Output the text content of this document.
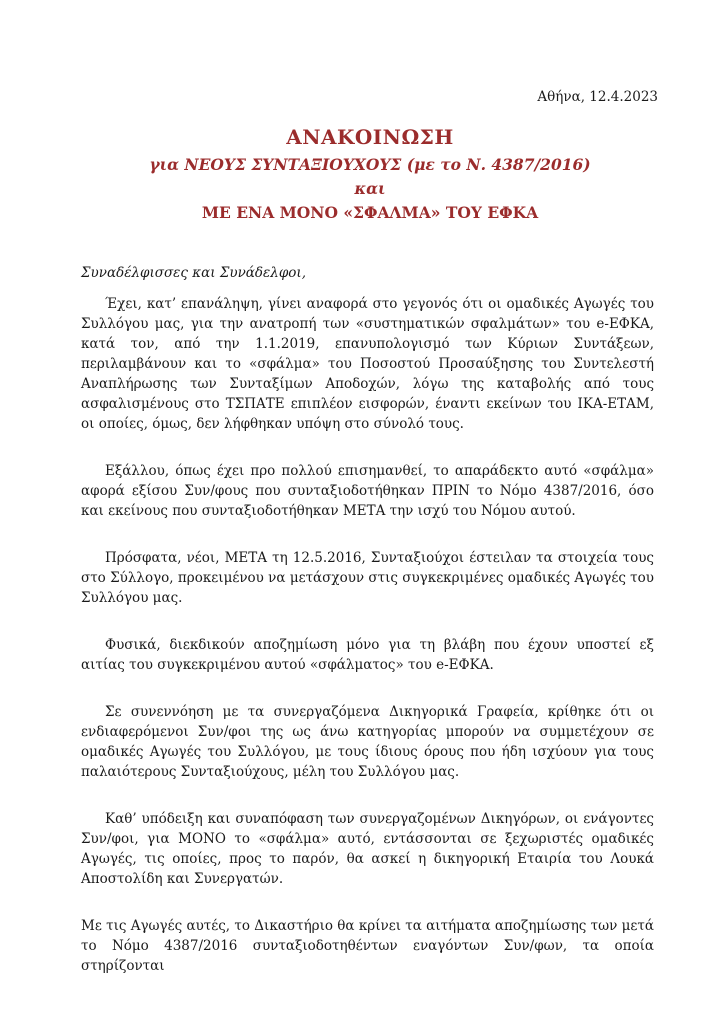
Αθήνα, 12.4.2023
ΑΝΑΚΟΙΝΩΣΗ
για ΝΕΟΥΣ ΣΥΝΤΑΞΙΟΥΧΟΥΣ (με το Ν. 4387/2016)
και
ΜΕ ΕΝΑ ΜΟΝΟ «ΣΦΑΛΜΑ» ΤΟΥ ΕΦΚΑ
Συναδέλφισσες και Συνάδελφοι,

Έχει, κατ’ επανάληψη, γίνει αναφορά στο γεγονός ότι οι ομαδικές Αγωγές του Συλλόγου μας, για την ανατροπή των «συστηματικών σφαλμάτων» του e-ΕΦΚΑ, κατά τον, από την 1.1.2019, επανυπολογισμό των Κύριων Συντάξεων, περιλαμβάνουν και το «σφάλμα» του Ποσοστού Προσαύξησης του Συντελεστή Αναπλήρωσης των Συνταξίμων Αποδοχών, λόγω της καταβολής από τους ασφαλισμένους στο ΤΣΠΑΤΕ επιπλέον εισφορών, έναντι εκείνων του ΙΚΑ-ΕΤΑΜ, οι οποίες, όμως, δεν λήφθηκαν υπόψη στο σύνολό τους.

Εξάλλου, όπως έχει προ πολλού επισημανθεί, το απαράδεκτο αυτό «σφάλμα» αφορά εξίσου Συν/φους που συνταξιοδοτήθηκαν ΠΡΙΝ το Νόμο 4387/2016, όσο και εκείνους που συνταξιοδοτήθηκαν ΜΕΤΑ την ισχύ του Νόμου αυτού.

Πρόσφατα, νέοι, ΜΕΤΑ τη 12.5.2016, Συνταξιούχοι έστειλαν τα στοιχεία τους στο Σύλλογο, προκειμένου να μετάσχουν στις συγκεκριμένες ομαδικές Αγωγές του Συλλόγου μας.

Φυσικά, διεκδικούν αποζημίωση μόνο για τη βλάβη που έχουν υποστεί εξ αιτίας του συγκεκριμένου αυτού «σφάλματος» του e-ΕΦΚΑ.

Σε συνεννόηση με τα συνεργαζόμενα Δικηγορικά Γραφεία, κρίθηκε ότι οι ενδιαφερόμενοι Συν/φοι της ως άνω κατηγορίας μπορούν να συμμετέχουν σε ομαδικές Αγωγές του Συλλόγου, με τους ίδιους όρους που ήδη ισχύουν για τους παλαιότερους Συνταξιούχους, μέλη του Συλλόγου μας.

Καθ’ υπόδειξη και συναπόφαση των συνεργαζομένων Δικηγόρων, οι ενάγοντες Συν/φοι, για ΜΟΝΟ το «σφάλμα» αυτό, εντάσσονται σε ξεχωριστές ομαδικές Αγωγές, τις οποίες, προς το παρόν, θα ασκεί η δικηγορική Εταιρία του Λουκά Αποστολίδη και Συνεργατών.

Με τις Αγωγές αυτές, το Δικαστήριο θα κρίνει τα αιτήματα αποζημίωσης των μετά το Νόμο 4387/2016 συνταξιοδοτηθέντων εναγόντων Συν/φων, τα οποία στηρίζονται
